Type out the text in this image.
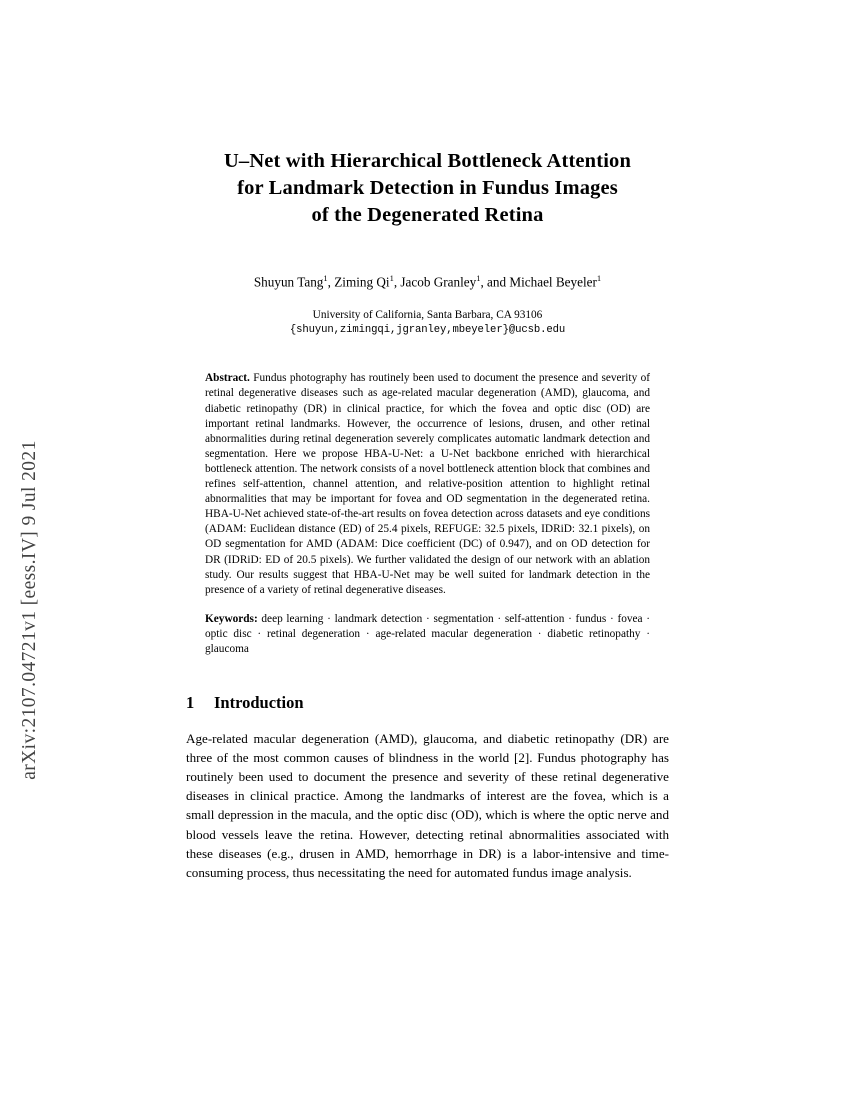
arXiv:2107.04721v1 [eess.IV] 9 Jul 2021
U–Net with Hierarchical Bottleneck Attention
for Landmark Detection in Fundus Images
of the Degenerated Retina
Shuyun Tang$^1$, Ziming Qi$^1$, Jacob Granley$^1$, and Michael Beyeler$^1$
University of California, Santa Barbara, CA 93106
{shuyun,zimingqi,jgranley,mbeyeler}@ucsb.edu
Abstract. Fundus photography has routinely been used to document the presence and severity of retinal degenerative diseases such as age-related macular degeneration (AMD), glaucoma, and diabetic retinopathy (DR) in clinical practice, for which the fovea and optic disc (OD) are important retinal landmarks. However, the occurrence of lesions, drusen, and other retinal abnormalities during retinal degeneration severely complicates automatic landmark detection and segmentation. Here we propose HBA-U-Net: a U-Net backbone enriched with hierarchical bottleneck attention. The network consists of a novel bottleneck attention block that combines and refines self-attention, channel attention, and relative-position attention to highlight retinal abnormalities that may be important for fovea and OD segmentation in the degenerated retina. HBA-U-Net achieved state-of-the-art results on fovea detection across datasets and eye conditions (ADAM: Euclidean distance (ED) of 25.4 pixels, REFUGE: 32.5 pixels, IDRiD: 32.1 pixels), on OD segmentation for AMD (ADAM: Dice coefficient (DC) of 0.947), and on OD detection for DR (IDRiD: ED of 20.5 pixels). We further validated the design of our network with an ablation study. Our results suggest that HBA-U-Net may be well suited for landmark detection in the presence of a variety of retinal degenerative diseases.
Keywords: deep learning · landmark detection · segmentation · self-attention · fundus · fovea · optic disc · retinal degeneration · age-related macular degeneration · diabetic retinopathy · glaucoma
1	Introduction

Age-related macular degeneration (AMD), glaucoma, and diabetic retinopathy (DR) are three of the most common causes of blindness in the world [2]. Fundus photography has routinely been used to document the presence and severity of these retinal degenerative diseases in clinical practice. Among the landmarks of interest are the fovea, which is a small depression in the macula, and the optic disc (OD), which is where the optic nerve and blood vessels leave the retina. However, detecting retinal abnormalities associated with these diseases (e.g., drusen in AMD, hemorrhage in DR) is a labor-intensive and time-consuming process, thus necessitating the need for automated fundus image analysis.
